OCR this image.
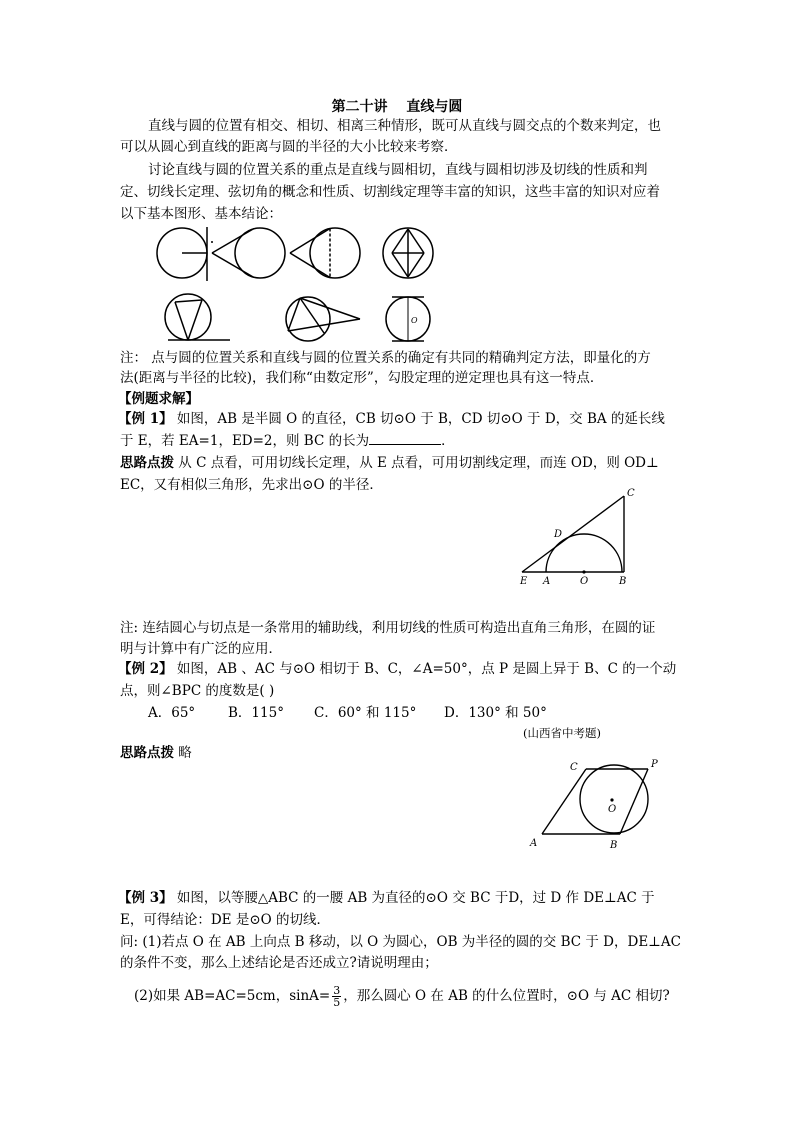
第二十讲　 直线与圆
直线与圆的位置有相交、相切、相离三种情形，既可从直线与圆交点的个数来判定，也
可以从圆心到直线的距离与圆的半径的大小比较来考察．
讨论直线与圆的位置关系的重点是直线与圆相切，直线与圆相切涉及切线的性质和判
定、切线长定理、弦切角的概念和性质、切割线定理等丰富的知识，这些丰富的知识对应着
以下基本图形、基本结论：
O
注： 点与圆的位置关系和直线与圆的位置关系的确定有共同的精确判定方法，即量化的方
法(距离与半径的比较)，我们称“由数定形”，勾股定理的逆定理也具有这一特点．
【例题求解】
【例 1】 如图，AB 是半圆 O 的直径，CB 切⊙O 于 B，CD 切⊙O 于 D，交 BA 的延长线
于 E，若 EA=1，ED=2，则 BC 的长为	．
思路点拨 从 C 点看，可用切线长定理，从 E 点看，可用切割线定理，而连 OD，则 OD⊥
EC，又有相似三角形，先求出⊙O 的半径．
C
D
E A	O	B
注: 连结圆心与切点是一条常用的辅助线，利用切线的性质可构造出直角三角形，在圆的证
明与计算中有广泛的应用．
【例 2】 如图，AB 、AC 与⊙O 相切于 B、C，∠A=50°，点 P 是圆上异于 B、C 的一个动
点，则∠BPC 的度数是( )
A．65° B．115° C．60° 和 115° D．130° 和 50°
(山西省中考题)
思路点拨 略
C	P
O
A	B
【例 3】 如图，以等腰△ABC 的一腰 AB 为直径的⊙O 交 BC 于D，过 D 作 DE⊥AC 于
E，可得结论：DE 是⊙O 的切线．
问: (1)若点 O 在 AB 上向点 B 移动，以 O 为圆心，OB 为半径的圆的交 BC 于 D，DE⊥AC
的条件不变，那么上述结论是否还成立?请说明理由；
(2)如果 AB=AC=5cm，$\sin A= \frac{3}{5}$ ，那么圆心 O 在 AB 的什么位置时，⊙O 与 AC 相切?
